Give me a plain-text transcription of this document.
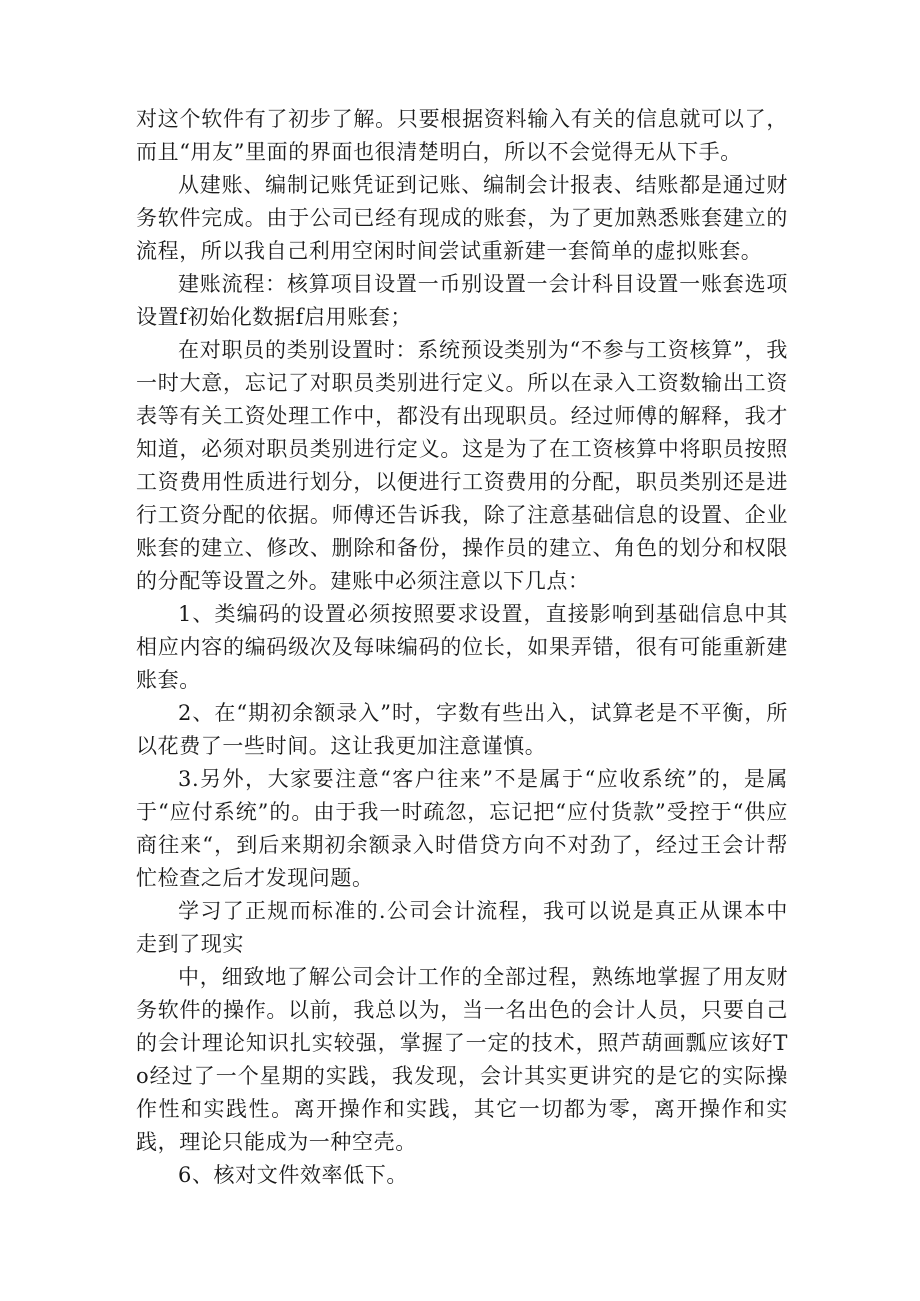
对这个软件有了初步了解。只要根据资料输入有关的信息就可以了，而且“用友”里面的界面也很清楚明白，所以不会觉得无从下手。

从建账、编制记账凭证到记账、编制会计报表、结账都是通过财务软件完成。由于公司已经有现成的账套，为了更加熟悉账套建立的流程，所以我自己利用空闲时间尝试重新建一套简单的虚拟账套。

建账流程：核算项目设置一币别设置一会计科目设置一账套选项设置f初始化数据f启用账套；

在对职员的类别设置时：系统预设类别为“不参与工资核算”，我一时大意，忘记了对职员类别进行定义。所以在录入工资数输出工资表等有关工资处理工作中，都没有出现职员。经过师傅的解释，我才知道，必须对职员类别进行定义。这是为了在工资核算中将职员按照工资费用性质进行划分，以便进行工资费用的分配，职员类别还是进行工资分配的依据。师傅还告诉我，除了注意基础信息的设置、企业账套的建立、修改、删除和备份，操作员的建立、角色的划分和权限的分配等设置之外。建账中必须注意以下几点：

1、类编码的设置必须按照要求设置，直接影响到基础信息中其相应内容的编码级次及每味编码的位长，如果弄错，很有可能重新建账套。

2、在“期初余额录入”时，字数有些出入，试算老是不平衡，所以花费了一些时间。这让我更加注意谨慎。

3.另外，大家要注意“客户往来”不是属于“应收系统”的，是属于“应付系统”的。由于我一时疏忽，忘记把“应付货款”受控于“供应商往来“，到后来期初余额录入时借贷方向不对劲了，经过王会计帮忙检查之后才发现问题。

学习了正规而标准的.公司会计流程，我可以说是真正从课本中走到了现实

中，细致地了解公司会计工作的全部过程，熟练地掌握了用友财务软件的操作。以前，我总以为，当一名出色的会计人员，只要自己的会计理论知识扎实较强，掌握了一定的技术，照芦葫画瓢应该好To经过了一个星期的实践，我发现，会计其实更讲究的是它的实际操作性和实践性。离开操作和实践，其它一切都为零，离开操作和实践，理论只能成为一种空壳。

6、核对文件效率低下。
